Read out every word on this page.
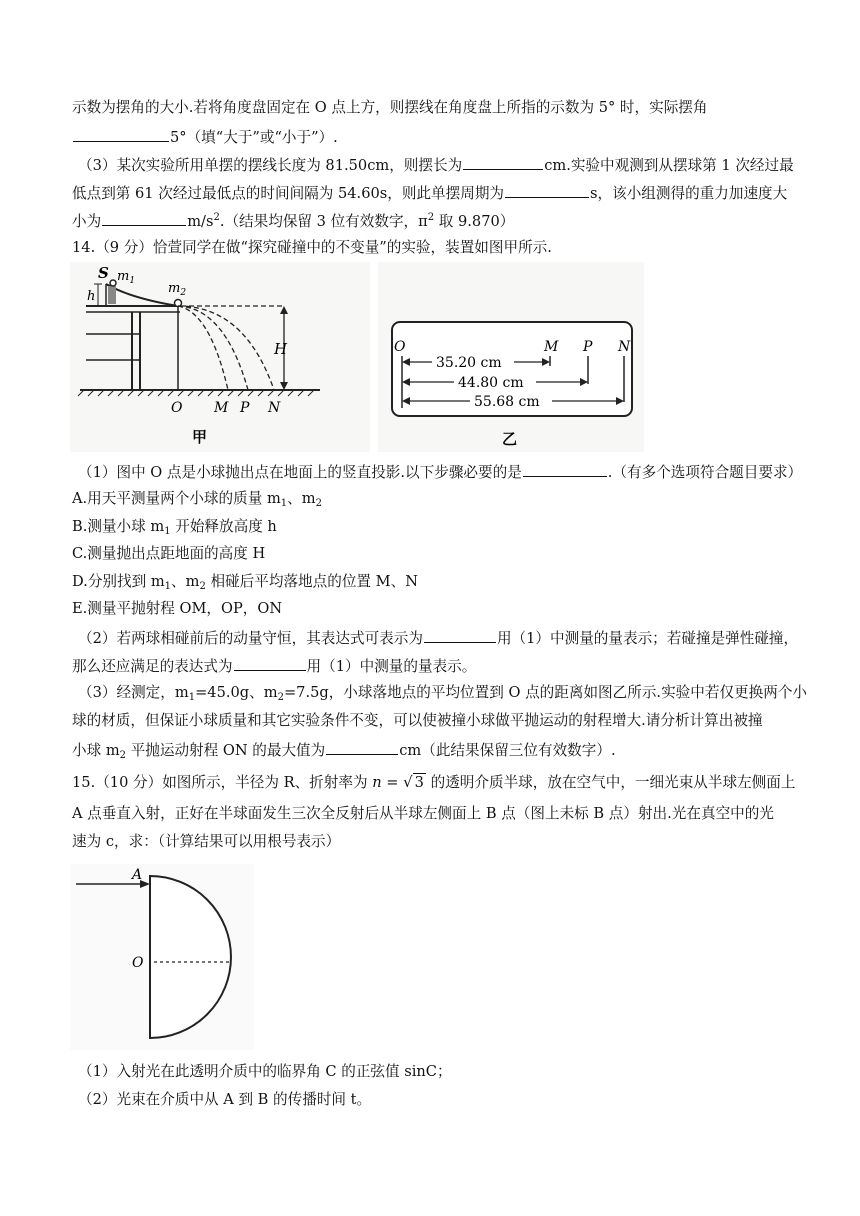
示数为摆角的大小.若将角度盘固定在 O 点上方，则摆线在角度盘上所指的示数为 5° 时，实际摆角
5°（填“大于”或“小于”）.
（3）某次实验所用单摆的摆线长度为 81.50cm，则摆长为	cm.实验中观测到从摆球第 1 次经过最
低点到第 61 次经过最低点的时间间隔为 54.60s，则此单摆周期为	s，该小组测得的重力加速度大
小为	$m/s^2$.（结果均保留 3 位有效数字，$\pi^2$ 取 9.870）
14.（9 分）恰萱同学在做“探究碰撞中的不变量”的实验，装置如图甲所示.
h
S $m_1$	$m_2$
H
O M P N
甲
O	M P N
35.20 cm
44.80 cm
55.68 cm
乙
（1）图中 O 点是小球抛出点在地面上的竖直投影.以下步骤必要的是	.（有多个选项符合题目要求）
A.用天平测量两个小球的质量 $m_1$、$m_2$
B.测量小球 $m_1$ 开始释放高度 h
C.测量抛出点距地面的高度 H
D.分别找到 $m_1$、$m_2$ 相碰后平均落地点的位置 M、N
E.测量平抛射程 OM，OP，ON
（2）若两球相碰前后的动量守恒，其表达式可表示为	用（1）中测量的量表示；若碰撞是弹性碰撞，
那么还应满足的表达式为	用（1）中测量的量表示。
（3）经测定，$m_1=45.0g$、$m_2=7.5g$，小球落地点的平均位置到 O 点的距离如图乙所示.实验中若仅更换两个小
球的材质，但保证小球质量和其它实验条件不变，可以使被撞小球做平抛运动的射程增大.请分析计算出被撞
小球 $m_2$ 平抛运动射程 ON 的最大值为	cm（此结果保留三位有效数字）.
15.（10 分）如图所示，半径为 R、折射率为 n = √ 3 的透明介质半球，放在空气中，一细光束从半球左侧面上
A 点垂直入射，正好在半球面发生三次全反射后从半球左侧面上 B 点（图上未标 B 点）射出.光在真空中的光
速为 c，求：（计算结果可以用根号表示）
A
O
（1）入射光在此透明介质中的临界角 C 的正弦值 sinC；
（2）光束在介质中从 A 到 B 的传播时间 t。
